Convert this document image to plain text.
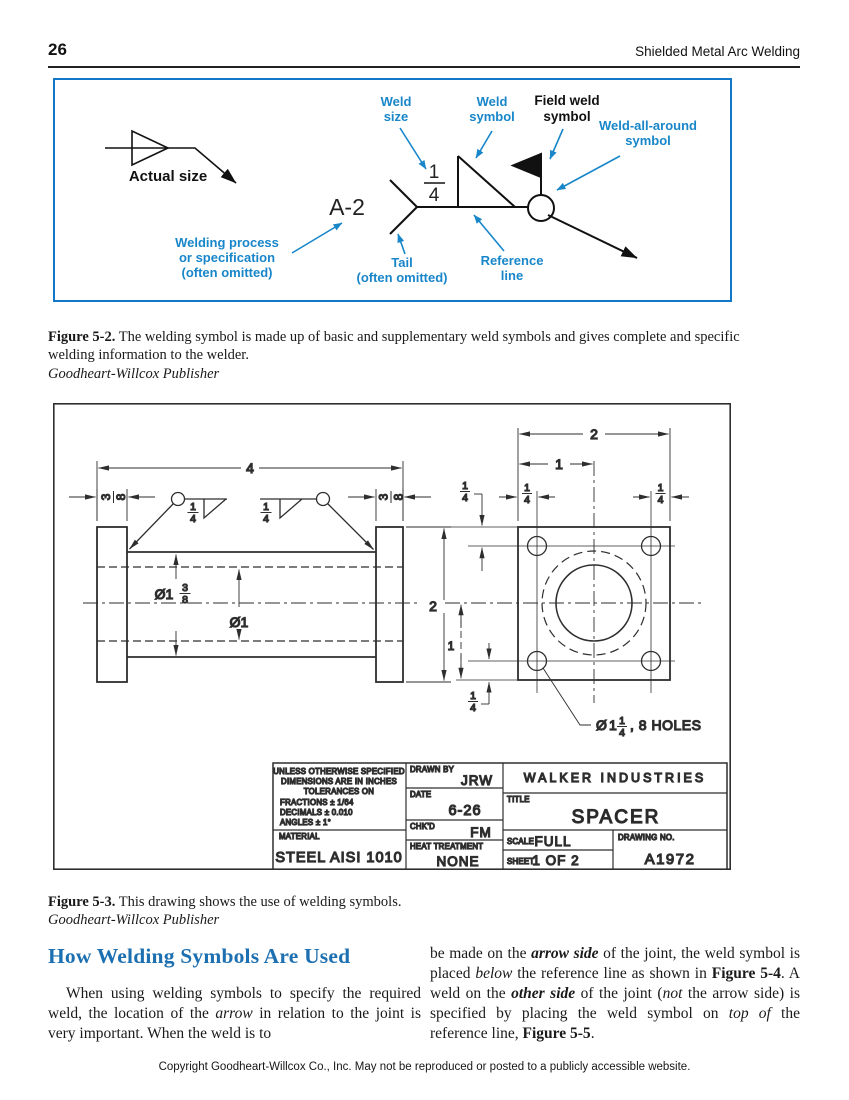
26	Shielded Metal Arc Welding
Actual size
A-2
1
4
Weld
size
Weld
symbol
Field weld
symbol
Weld-all-around
symbol
Welding process
or specification
(often omitted)
Tail
(often omitted)
Reference
line

Figure 5-2. The welding symbol is made up of basic and supplementary weld symbols and gives complete and specific welding information to the welder.
Goodheart-Willcox Publisher

4
3 8	3 8
1
4
1
4
Ø1 3
8
Ø1
2
2
1
1
4
1
4
1
4
1
1
4
Ø 1 1
4 , 8 HOLES
UNLESS OTHERWISE SPECIFIED
DIMENSIONS ARE IN INCHES
TOLERANCES ON
FRACTIONS ± 1/64
DECIMALS ± 0.010
ANGLES ± 1°
MATERIAL
STEEL AISI 1010
DRAWN BY
JRW
DATE
6-26
CHK'D	FM
HEAT TREATMENT
NONE
WALKER INDUSTRIES
TITLE
SPACER
SCALE FULL
SHEET
1 OF 2
DRAWING NO.
A1972

Figure 5-3. This drawing shows the use of welding symbols.
Goodheart-Willcox Publisher

How Welding Symbols Are Used

When using welding symbols to specify the required weld, the location of the arrow in relation to the joint is very important. When the weld is to

be made on the arrow side of the joint, the weld symbol is placed below the reference line as shown in Figure 5-4. A weld on the other side of the joint (not the arrow side) is specified by placing the weld symbol on top of the reference line, Figure 5-5.

Copyright Goodheart-Willcox Co., Inc. May not be reproduced or posted to a publicly accessible website.
